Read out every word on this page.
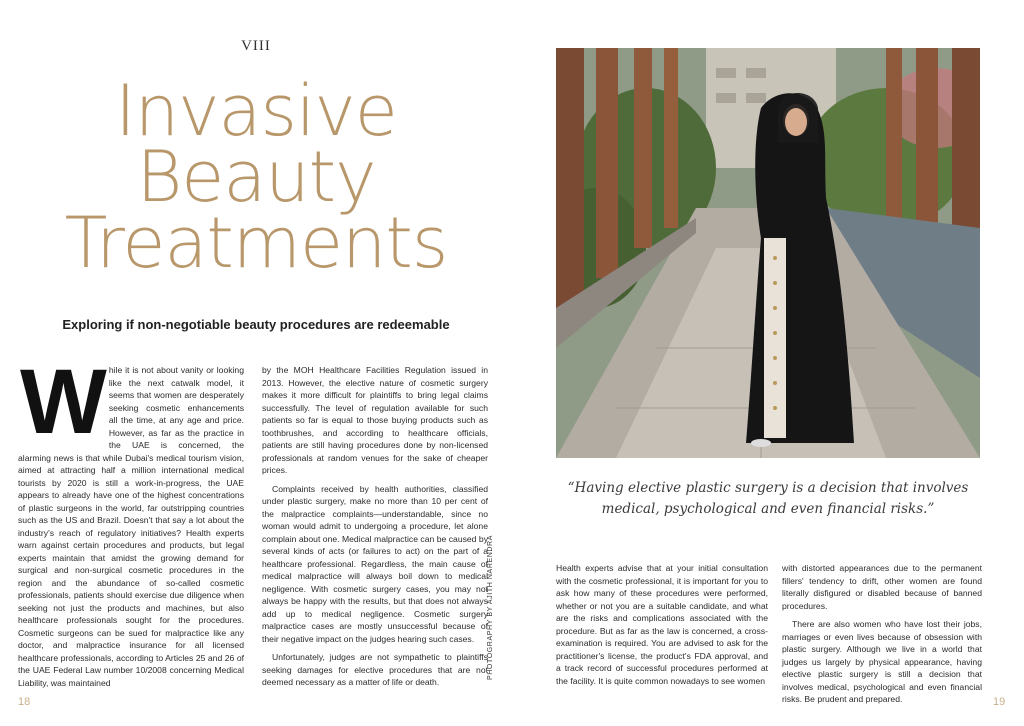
VIII
Invasive
Beauty
Treatments
Exploring if non-negotiable beauty procedures are redeemable
W hile it is not about vanity or looking like the next catwalk model, it seems that women are desperately seeking cosmetic enhancements all the time, at any age and price. However, as far as the practice in the UAE is concerned, the alarming news is that while Dubai's medical tourism vision, aimed at attracting half a million international medical tourists by 2020 is still a work-in-progress, the UAE appears to already have one of the highest concentrations of plastic surgeons in the world, far outstripping countries such as the US and Brazil. Doesn't that say a lot about the industry's reach of regulatory initiatives? Health experts warn against certain procedures and products, but legal experts maintain that amidst the growing demand for surgical and non-surgical cosmetic procedures in the region and the abundance of so-called cosmetic professionals, patients should exercise due diligence when seeking not just the products and machines, but also healthcare professionals sought for the procedures. Cosmetic surgeons can be sued for malpractice like any doctor, and malpractice insurance for all licensed healthcare professionals, according to Articles 25 and 26 of the UAE Federal Law number 10/2008 concerning Medical Liability, was maintained

by the MOH Healthcare Facilities Regulation issued in 2013. However, the elective nature of cosmetic surgery makes it more difficult for plaintiffs to bring legal claims successfully. The level of regulation available for such patients so far is equal to those buying products such as toothbrushes, and according to healthcare officials, patients are still having procedures done by non-licensed professionals at random venues for the sake of cheaper prices.

Complaints received by health authorities, classified under plastic surgery, make no more than 10 per cent of the malpractice complaints—understandable, since no woman would admit to undergoing a procedure, let alone complain about one. Medical malpractice can be caused by several kinds of acts (or failures to act) on the part of a healthcare professional. Regardless, the main cause of medical malpractice will always boil down to medical negligence. With cosmetic surgery cases, you may not always be happy with the results, but that does not always add up to medical negligence. Cosmetic surgery malpractice cases are mostly unsuccessful because of their negative impact on the judges hearing such cases.

Unfortunately, judges are not sympathetic to plaintiffs seeking damages for elective procedures that are not deemed necessary as a matter of life or death.

PHOTOGRAPHY BY AJITH NARENDRA
18
“Having elective plastic surgery is a decision that involves medical, psychological and even financial risks.”

Health experts advise that at your initial consultation with the cosmetic professional, it is important for you to ask how many of these procedures were performed, whether or not you are a suitable candidate, and what are the risks and complications associated with the procedure. But as far as the law is concerned, a cross-examination is required. You are advised to ask for the practitioner's license, the product's FDA approval, and a track record of successful procedures performed at the facility. It is quite common nowadays to see women

with distorted appearances due to the permanent fillers' tendency to drift, other women are found literally disfigured or disabled because of banned procedures.

There are also women who have lost their jobs, marriages or even lives because of obsession with plastic surgery. Although we live in a world that judges us largely by physical appearance, having elective plastic surgery is still a decision that involves medical, psychological and even financial risks. Be prudent and prepared.	19
